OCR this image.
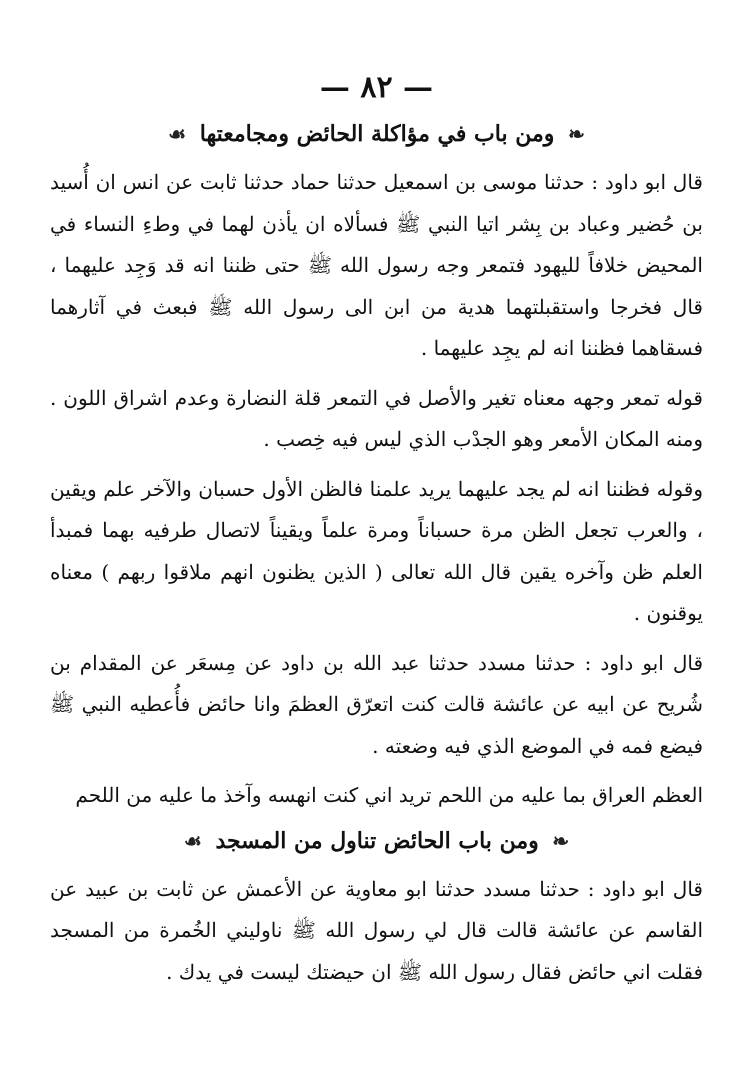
— ٨٢ —
❧ ومن باب في مؤاكلة الحائض ومجامعتها ☙

قال ابو داود : حدثنا موسى بن اسمعيل حدثنا حماد حدثنا ثابت عن انس ان أُسيد بن حُضير وعباد بن بِشر اتيا النبي ﷺ فسألاه ان يأذن لهما في وطءِ النساء في المحيض خلافاً لليهود فتمعر وجه رسول الله ﷺ حتى ظننا انه قد وَجِد عليهما ، قال فخرجا واستقبلتهما هدية من ابن الى رسول الله ﷺ فبعث في آثارهما فسقاهما فظننا انه لم يجِد عليهما .

قوله تمعر وجهه معناه تغير والأصل في التمعر قلة النضارة وعدم اشراق اللون . ومنه المكان الأمعر وهو الجدْب الذي ليس فيه خِصب .

وقوله فظننا انه لم يجد عليهما يريد علمنا فالظن الأول حسبان والآخر علم ويقين ، والعرب تجعل الظن مرة حسباناً ومرة علماً ويقيناً لاتصال طرفيه بهما فمبدأ العلم ظن وآخره يقين قال الله تعالى ( الذين يظنون انهم ملاقوا ربهم ) معناه يوقنون .

قال ابو داود : حدثنا مسدد حدثنا عبد الله بن داود عن مِسعَر عن المقدام بن شُريح عن ابيه عن عائشة قالت كنت اتعرّق العظمَ وانا حائض فأُعطيه النبي ﷺ فيضع فمه في الموضع الذي فيه وضعته .

العظم العراق بما عليه من اللحم تريد اني كنت انهسه وآخذ ما عليه من اللحم

❧ ومن باب الحائض تناول من المسجد ☙

قال ابو داود : حدثنا مسدد حدثنا ابو معاوية عن الأعمش عن ثابت بن عبيد عن القاسم عن عائشة قالت قال لي رسول الله ﷺ ناوليني الخُمرة من المسجد فقلت اني حائض فقال رسول الله ﷺ ان حيضتك ليست في يدك .
